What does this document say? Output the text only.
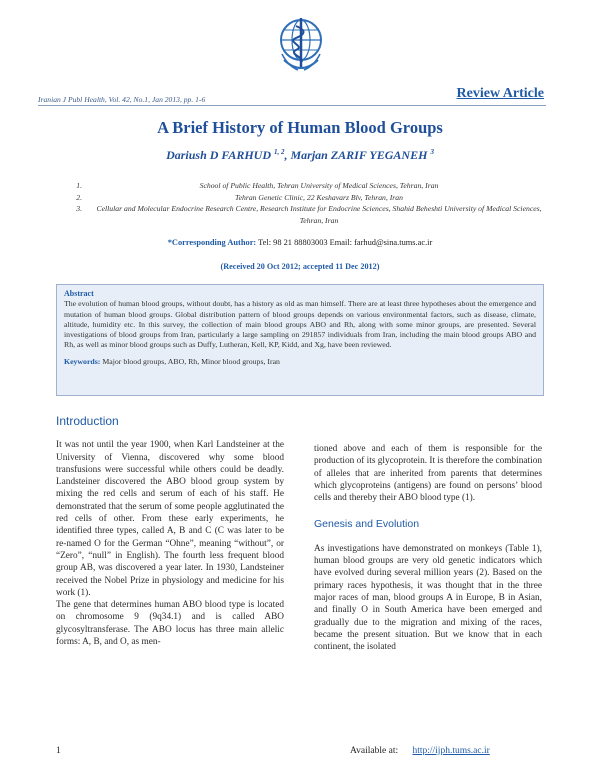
Iranian J Publ Health, Vol. 42, No.1, Jan 2013, pp. 1-6	Review Article
A Brief History of Human Blood Groups
Dariush D FARHUD $^{1, 2}$, Marjan ZARIF YEGANEH $^3$
1.	School of Public Health, Tehran University of Medical Sciences, Tehran, Iran
2.	Tehran Genetic Clinic, 22 Keshavarz Blv, Tehran, Iran
3.	Cellular and Molecular Endocrine Research Centre, Research Institute for Endocrine Sciences, Shahid Beheshti University of Medical Sciences, Tehran, Iran
*Corresponding Author: Tel: 98 21 88803003 Email: farhud@sina.tums.ac.ir
(Received 20 Oct 2012; accepted 11 Dec 2012)
Abstract
The evolution of human blood groups, without doubt, has a history as old as man himself. There are at least three hypotheses about the emergence and mutation of human blood groups. Global distribution pattern of blood groups depends on various environmental factors, such as disease, climate, altitude, humidity etc. In this survey, the collection of main blood groups ABO and Rh, along with some minor groups, are presented. Several investigations of blood groups from Iran, particularly a large sampling on 291857 individuals from Iran, including the main blood groups ABO and Rh, as well as minor blood groups such as Duffy, Lutheran, Kell, KP, Kidd, and Xg, have been reviewed.
Keywords: Major blood groups, ABO, Rh, Minor blood groups, Iran
Introduction

It was not until the year 1900, when Karl Landsteiner at the University of Vienna, discovered why some blood transfusions were successful while others could be deadly. Landsteiner discovered the ABO blood group system by mixing the red cells and serum of each of his staff. He demonstrated that the serum of some people agglutinated the red cells of other. From these early experiments, he identified three types, called A, B and C (C was later to be re-named O for the German “Ohne”, meaning “without”, or “Zero”, “null” in English). The fourth less frequent blood group AB, was discovered a year later. In 1930, Landsteiner received the Nobel Prize in physiology and medicine for his work (1).

The gene that determines human ABO blood type is located on chromosome 9 (9q34.1) and is called ABO glycosyltransferase. The ABO locus has three main allelic forms: A, B, and O, as men-

tioned above and each of them is responsible for the production of its glycoprotein. It is therefore the combination of alleles that are inherited from parents that determines which glycoproteins (antigens) are found on persons’ blood cells and thereby their ABO blood type (1).

Genesis and Evolution

As investigations have demonstrated on monkeys (Table 1), human blood groups are very old genetic indicators which have evolved during several million years (2). Based on the primary races hypothesis, it was thought that in the three major races of man, blood groups A in Europe, B in Asian, and finally O in South America have been emerged and gradually due to the migration and mixing of the races, became the present situation. But we know that in each continent, the isolated

1	Available at: http://ijph.tums.ac.ir
